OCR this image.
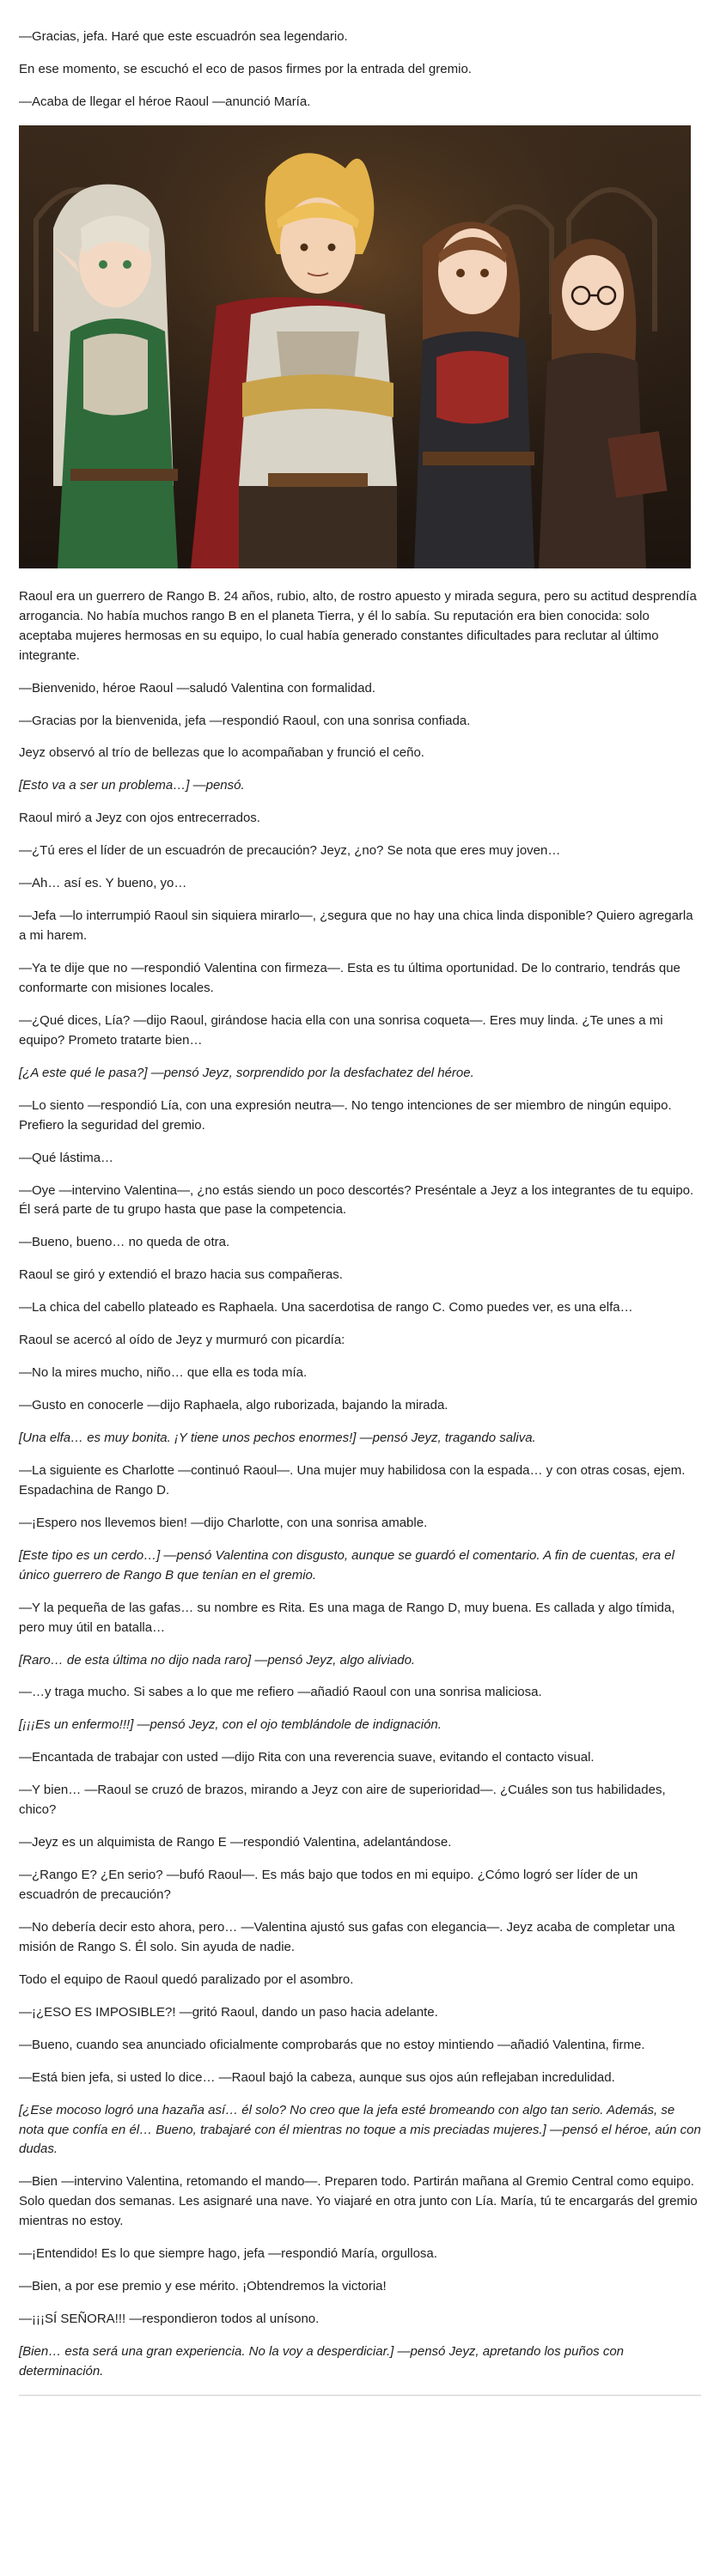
—Gracias, jefa. Haré que este escuadrón sea legendario.

En ese momento, se escuchó el eco de pasos firmes por la entrada del gremio.

—Acaba de llegar el héroe Raoul —anunció María.

Raoul era un guerrero de Rango B. 24 años, rubio, alto, de rostro apuesto y mirada segura, pero su actitud desprendía arrogancia. No había muchos rango B en el planeta Tierra, y él lo sabía. Su reputación era bien conocida: solo aceptaba mujeres hermosas en su equipo, lo cual había generado constantes dificultades para reclutar al último integrante.

—Bienvenido, héroe Raoul —saludó Valentina con formalidad.

—Gracias por la bienvenida, jefa —respondió Raoul, con una sonrisa confiada.

Jeyz observó al trío de bellezas que lo acompañaban y frunció el ceño.

[Esto va a ser un problema…] —pensó.

Raoul miró a Jeyz con ojos entrecerrados.

—¿Tú eres el líder de un escuadrón de precaución? Jeyz, ¿no? Se nota que eres muy joven…

—Ah… así es. Y bueno, yo…

—Jefa —lo interrumpió Raoul sin siquiera mirarlo—, ¿segura que no hay una chica linda disponible? Quiero agregarla a mi harem.

—Ya te dije que no —respondió Valentina con firmeza—. Esta es tu última oportunidad. De lo contrario, tendrás que conformarte con misiones locales.

—¿Qué dices, Lía? —dijo Raoul, girándose hacia ella con una sonrisa coqueta—. Eres muy linda. ¿Te unes a mi equipo? Prometo tratarte bien…

[¿A este qué le pasa?] —pensó Jeyz, sorprendido por la desfachatez del héroe.

—Lo siento —respondió Lía, con una expresión neutra—. No tengo intenciones de ser miembro de ningún equipo. Prefiero la seguridad del gremio.

—Qué lástima…

—Oye —intervino Valentina—, ¿no estás siendo un poco descortés? Preséntale a Jeyz a los integrantes de tu equipo. Él será parte de tu grupo hasta que pase la competencia.

—Bueno, bueno… no queda de otra.

Raoul se giró y extendió el brazo hacia sus compañeras.

—La chica del cabello plateado es Raphaela. Una sacerdotisa de rango C. Como puedes ver, es una elfa…

Raoul se acercó al oído de Jeyz y murmuró con picardía:

—No la mires mucho, niño… que ella es toda mía.

—Gusto en conocerle —dijo Raphaela, algo ruborizada, bajando la mirada.

[Una elfa… es muy bonita. ¡Y tiene unos pechos enormes!] —pensó Jeyz, tragando saliva.

—La siguiente es Charlotte —continuó Raoul—. Una mujer muy habilidosa con la espada… y con otras cosas, ejem. Espadachina de Rango D.

—¡Espero nos llevemos bien! —dijo Charlotte, con una sonrisa amable.

[Este tipo es un cerdo…] —pensó Valentina con disgusto, aunque se guardó el comentario. A fin de cuentas, era el único guerrero de Rango B que tenían en el gremio.

—Y la pequeña de las gafas… su nombre es Rita. Es una maga de Rango D, muy buena. Es callada y algo tímida, pero muy útil en batalla…

[Raro… de esta última no dijo nada raro] —pensó Jeyz, algo aliviado.

—…y traga mucho. Si sabes a lo que me refiero —añadió Raoul con una sonrisa maliciosa.

[¡¡¡Es un enfermo!!!] —pensó Jeyz, con el ojo temblándole de indignación.

—Encantada de trabajar con usted —dijo Rita con una reverencia suave, evitando el contacto visual.

—Y bien… —Raoul se cruzó de brazos, mirando a Jeyz con aire de superioridad—. ¿Cuáles son tus habilidades, chico?

—Jeyz es un alquimista de Rango E —respondió Valentina, adelantándose.

—¿Rango E? ¿En serio? —bufó Raoul—. Es más bajo que todos en mi equipo. ¿Cómo logró ser líder de un escuadrón de precaución?

—No debería decir esto ahora, pero… —Valentina ajustó sus gafas con elegancia—. Jeyz acaba de completar una misión de Rango S. Él solo. Sin ayuda de nadie.

Todo el equipo de Raoul quedó paralizado por el asombro.

—¡¿ESO ES IMPOSIBLE?! —gritó Raoul, dando un paso hacia adelante.

—Bueno, cuando sea anunciado oficialmente comprobarás que no estoy mintiendo —añadió Valentina, firme.

—Está bien jefa, si usted lo dice… —Raoul bajó la cabeza, aunque sus ojos aún reflejaban incredulidad.

[¿Ese mocoso logró una hazaña así… él solo? No creo que la jefa esté bromeando con algo tan serio. Además, se nota que confía en él… Bueno, trabajaré con él mientras no toque a mis preciadas mujeres.] —pensó el héroe, aún con dudas.

—Bien —intervino Valentina, retomando el mando—. Preparen todo. Partirán mañana al Gremio Central como equipo. Solo quedan dos semanas. Les asignaré una nave. Yo viajaré en otra junto con Lía. María, tú te encargarás del gremio mientras no estoy.

—¡Entendido! Es lo que siempre hago, jefa —respondió María, orgullosa.

—Bien, a por ese premio y ese mérito. ¡Obtendremos la victoria!

—¡¡¡SÍ SEÑORA!!! —respondieron todos al unísono.

[Bien… esta será una gran experiencia. No la voy a desperdiciar.] —pensó Jeyz, apretando los puños con determinación.
